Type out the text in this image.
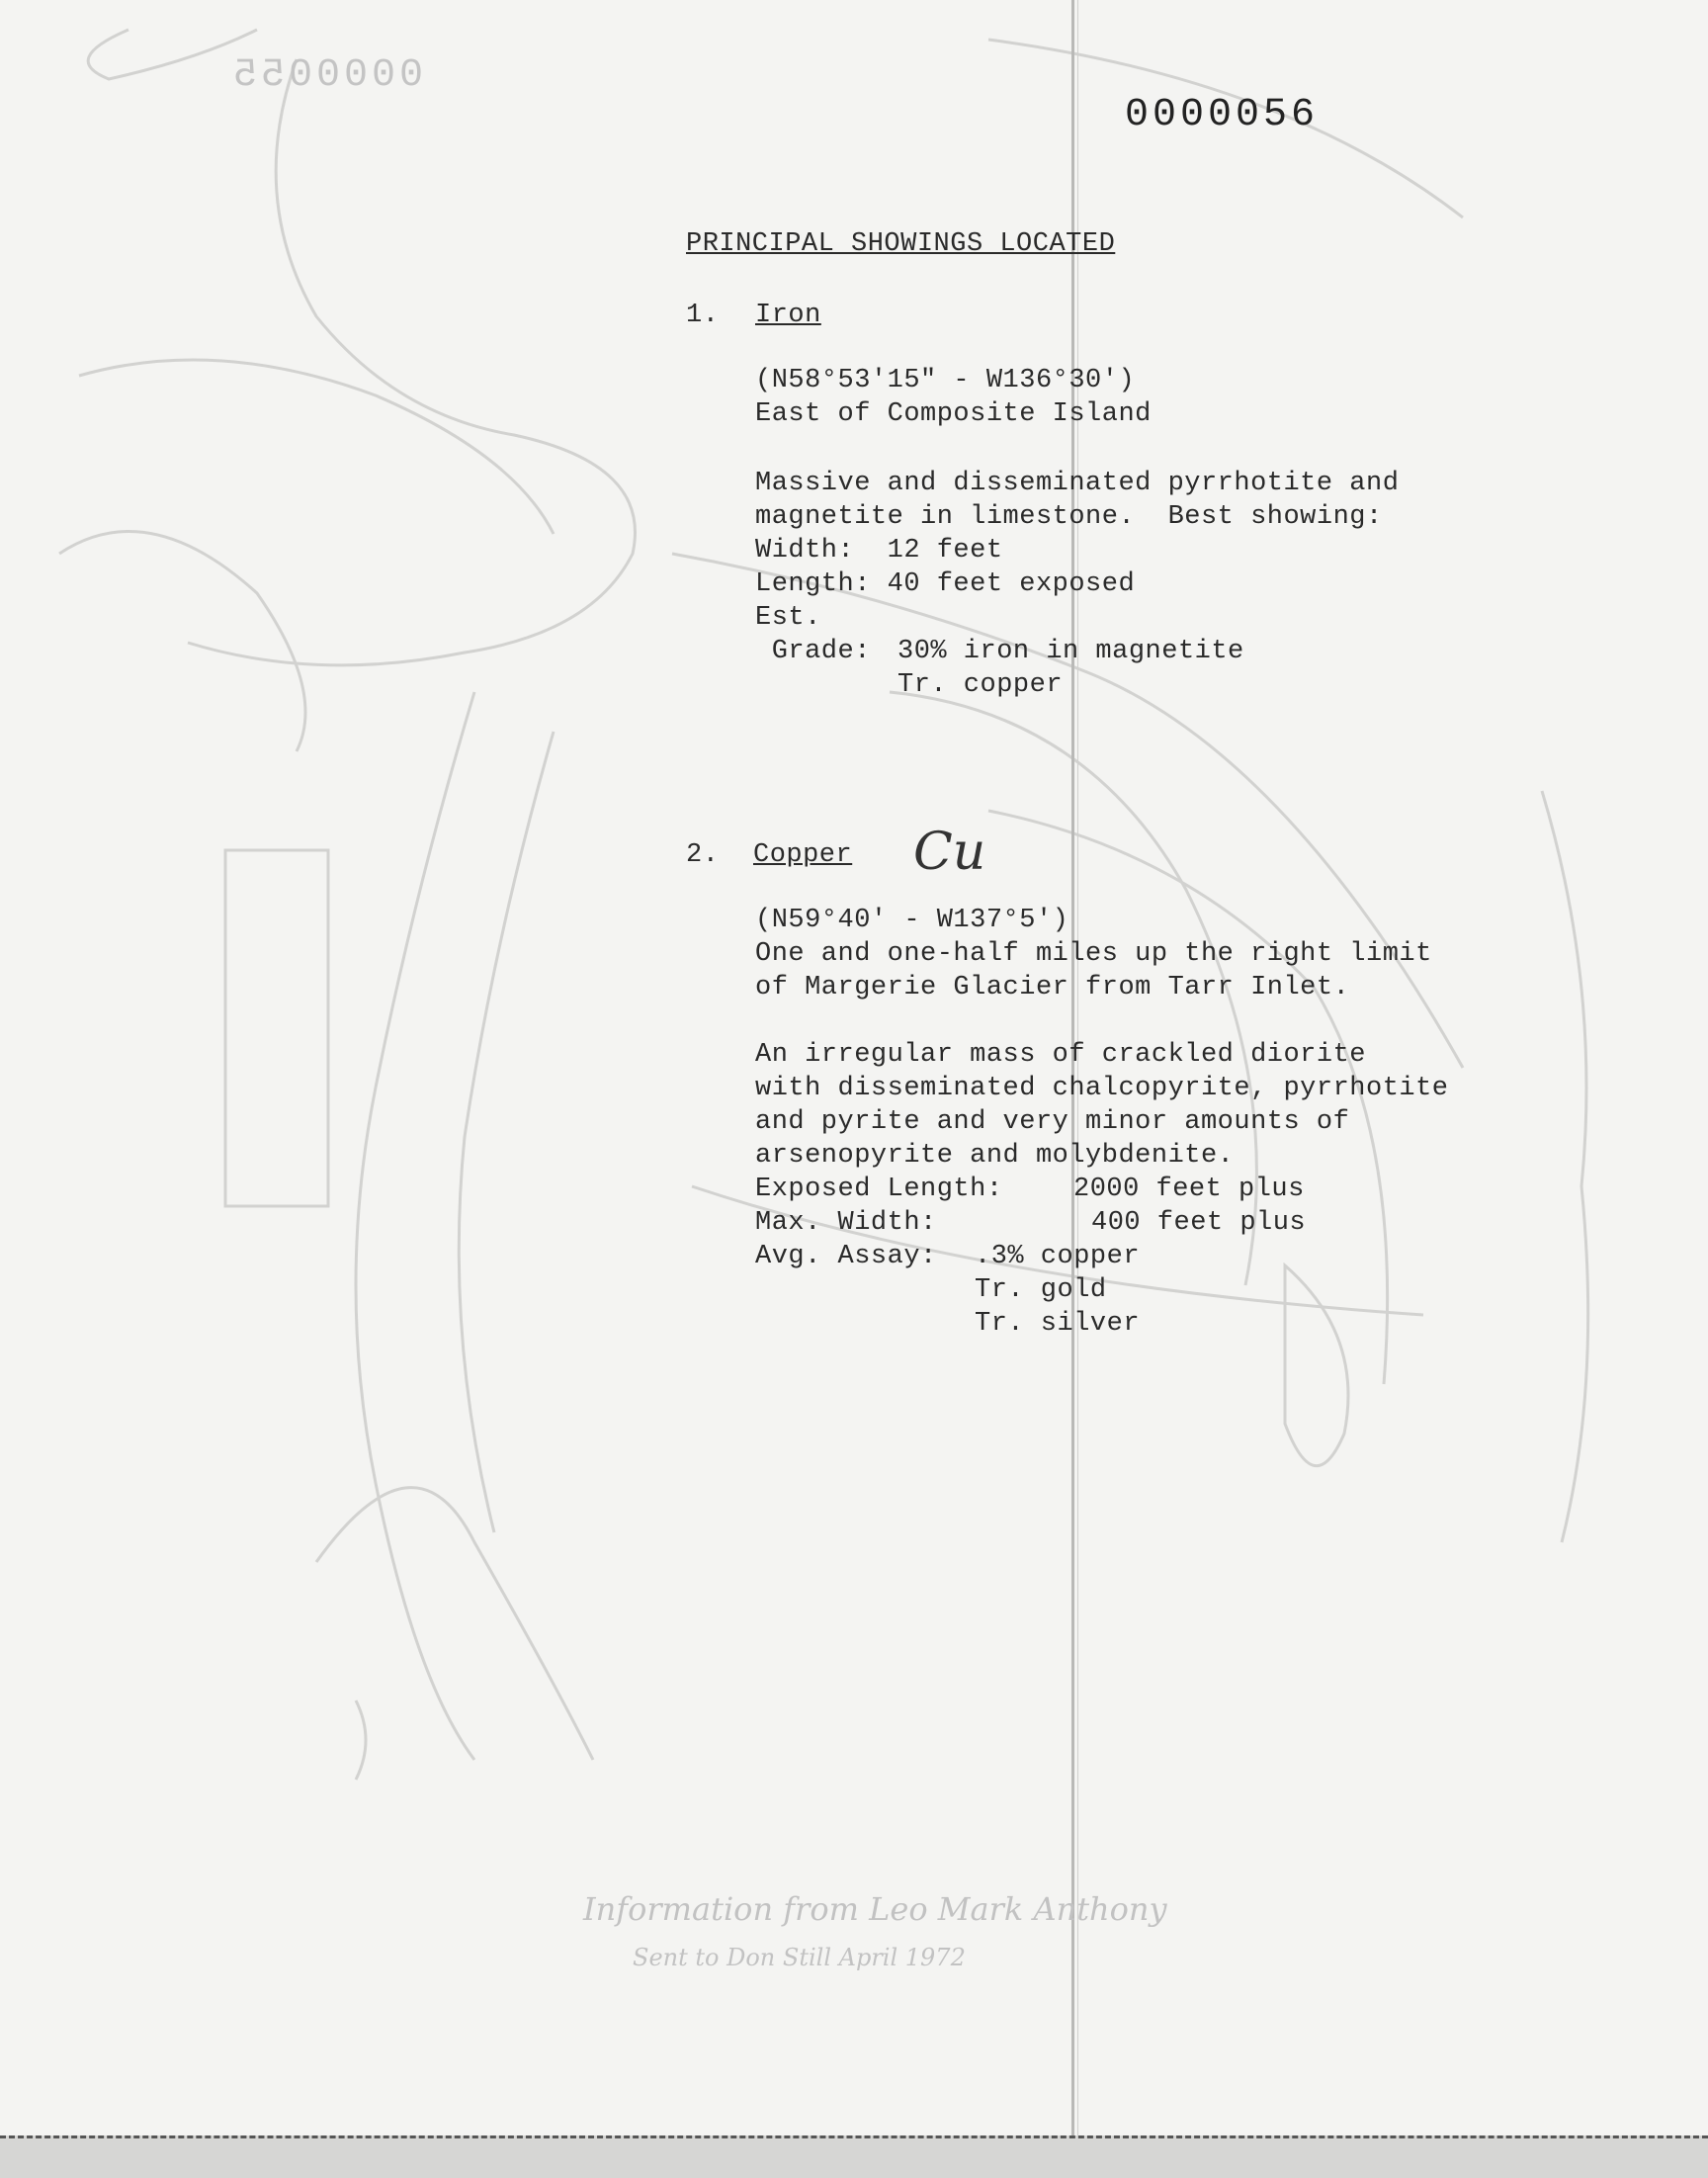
0000055
0000056
PRINCIPAL SHOWINGS LOCATED
1. Iron
(N58°53'15" - W136°30')
East of Composite Island
Massive and disseminated pyrrhotite and
magnetite in limestone.  Best showing:
Width:  12 feet
Length: 40 feet exposed
Est.
Grade: 30% iron in magnetite
Tr. copper
2. Copper Cu
(N59°40' - W137°5')
One and one-half miles up the right limit
of Margerie Glacier from Tarr Inlet.
An irregular mass of crackled diorite
with disseminated chalcopyrite, pyrrhotite
and pyrite and very minor amounts of
arsenopyrite and molybdenite.
Exposed Length:	2000 feet plus
Max. Width:	400 feet plus
Avg. Assay: .3% copper
Tr. gold
Tr. silver
Information from Leo Mark Anthony
Sent to Don Still April 1972
